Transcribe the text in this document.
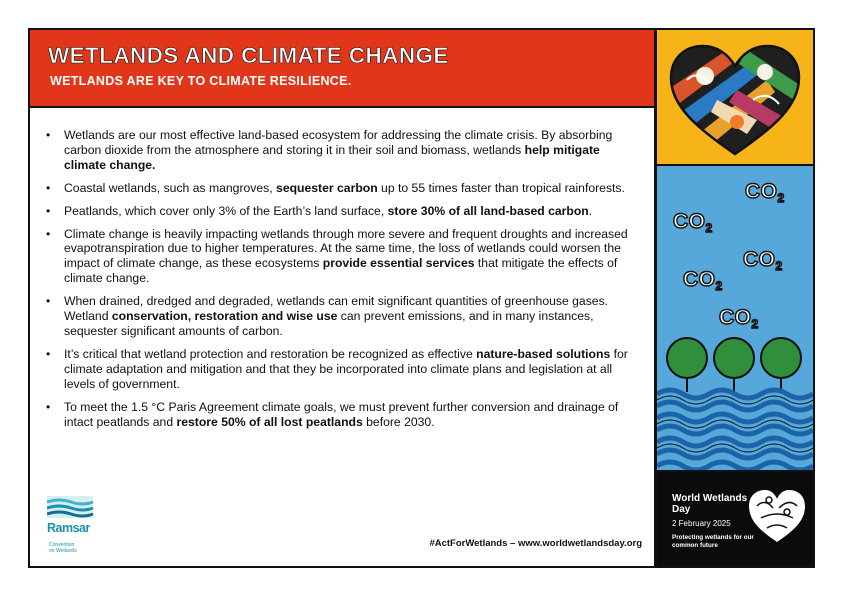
WETLANDS AND CLIMATE CHANGE
WETLANDS ARE KEY TO CLIMATE RESILIENCE.
• Wetlands are our most effective land-based ecosystem for addressing the climate crisis. By absorbing carbon dioxide from the atmosphere and storing it in their soil and biomass, wetlands help mitigate climate change.
• Coastal wetlands, such as mangroves, sequester carbon up to 55 times faster than tropical rainforests.
• Peatlands, which cover only 3% of the Earth’s land surface, store 30% of all land-based carbon.
• Climate change is heavily impacting wetlands through more severe and frequent droughts and increased evapotranspiration due to higher temperatures. At the same time, the loss of wetlands could worsen the impact of climate change, as these ecosystems provide essential services that mitigate the effects of climate change.
• When drained, dredged and degraded, wetlands can emit significant quantities of greenhouse gases. Wetland conservation, restoration and wise use can prevent emissions, and in many instances, sequester significant amounts of carbon.
• It’s critical that wetland protection and restoration be recognized as effective nature-based solutions for climate adaptation and mitigation and that they be incorporated into climate plans and legislation at all levels of government.
• To meet the 1.5 °C Paris Agreement climate goals, we must prevent further conversion and drainage of intact peatlands and restore 50% of all lost peatlands before 2030.
Ramsar
Convention
on Wetlands
#ActForWetlands – www.worldwetlandsday.org
$CO_2$
$CO_2$
$CO_2$
$CO_2$
$CO_2$
World Wetlands Day
2 February 2025
Protecting wetlands for our common future
